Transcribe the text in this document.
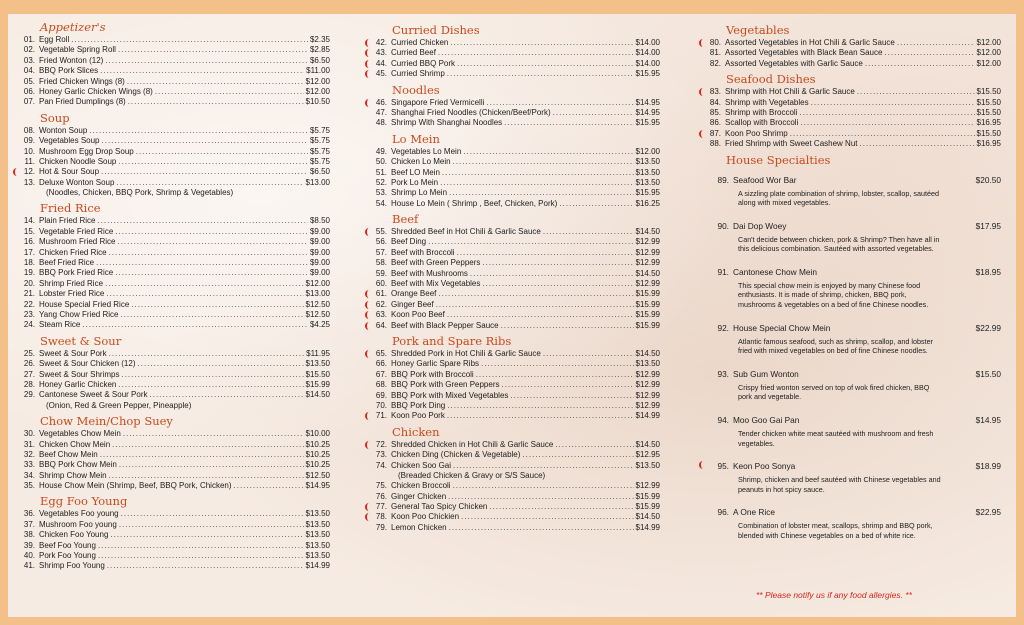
Appetizer's
01. Egg Roll .....	$2.35
02. Vegetable Spring Roll .....	$2.85
03. Fried Wonton (12) .....	$6.50
04. BBQ Pork Slices .....	$11.00
05. Fried Chicken Wings (8) .....	$12.00
06. Honey Garlic Chicken Wings (8) .....	$12.00
07. Pan Fried Dumplings (8) .....	$10.50
Soup
08. Wonton Soup .....	$5.75
09. Vegetables Soup .....	$5.75
10. Mushroom Egg Drop Soup .....	$5.75
11. Chicken Noodle Soup .....	$5.75
12. Hot & Sour Soup .....	$6.50
13. Deluxe Wonton Soup .....	$13.00
(Noodles, Chicken, BBQ Pork, Shrimp & Vegetables)
Fried Rice
14. Plain Fried Rice .....	$8.50
15. Vegetable Fried Rice .....	$9.00
16. Mushroom Fried Rice .....	$9.00
17. Chicken Fried Rice .....	$9.00
18. Beef Fried Rice .....	$9.00
19. BBQ Pork Fried Rice .....	$9.00
20. Shrimp Fried Rice .....	$12.00
21. Lobster Fried Rice .....	$13.00
22. House Special Fried Rice .....	$12.50
23. Yang Chow Fried Rice .....	$12.50
24. Steam Rice .....	$4.25
Sweet & Sour
25. Sweet & Sour Pork .....	$11.95
26. Sweet & Sour Chicken (12) .....	$13.50
27. Sweet & Sour Shrimps .....	$15.50
28. Honey Garlic Chicken .....	$15.99
29. Cantonese Sweet & Sour Pork .....	$14.50
(Onion, Red & Green Pepper, Pineapple)
Chow Mein/Chop Suey
30. Vegetables Chow Mein .....	$10.00
31. Chicken Chow Mein .....	$10.25
32. Beef Chow Mein .....	$10.25
33. BBQ Pork Chow Mein .....	$10.25
34. Shrimp Chow Mein .....	$12.50
35. House Chow Mein (Shrimp, Beef, BBQ Pork, Chicken) .....	$14.95
Egg Foo Young
36. Vegetables Foo young .....	$13.50
37. Mushroom Foo young .....	$13.50
38. Chicken Foo Young .....	$13.50
39. Beef Foo Young .....	$13.50
40. Pork Foo Young .....	$13.50
41. Shrimp Foo Young .....	$14.99
Curried Dishes
42. Curried Chicken .....	$14.00
43. Curried Beef .....	$14.00
44. Curried BBQ Pork .....	$14.00
45. Curried Shrimp .....	$15.95
Noodles
46. Singapore Fried Vermicelli .....	$14.95
47. Shanghai Fried Noodles (Chicken/Beef/Pork) .....	$14.95
48. Shrimp With Shanghai Noodles .....	$15.95
Lo Mein
49. Vegetables Lo Mein .....	$12.00
50. Chicken Lo Mein .....	$13.50
51. Beef LO Mein .....	$13.50
52. Pork Lo Mein .....	$13.50
53. Shrimp Lo Mein .....	$15.95
54. House Lo Mein ( Shrimp , Beef, Chicken, Pork) .....	$16.25
Beef
55. Shredded Beef in Hot Chili & Garlic Sauce .....	$14.50
56. Beef Ding .....	$12.99
57. Beef with Broccoli .....	$12.99
58. Beef with Green Peppers .....	$12.99
59. Beef with Mushrooms .....	$14.50
60. Beef with Mix Vegetables .....	$12.99
61. Orange Beef .....	$15.99
62. Ginger Beef .....	$15.99
63. Koon Poo Beef .....	$15.99
64. Beef with Black Pepper Sauce .....	$15.99
Pork and Spare Ribs
65. Shredded Pork in Hot Chili & Garlic Sauce .....	$14.50
66. Honey Garlic Spare Ribs .....	$13.50
67. BBQ Pork with Broccoli .....	$12.99
68. BBQ Pork with Green Peppers .....	$12.99
69. BBQ Pork with Mixed Vegetables .....	$12.99
70. BBQ Pork Ding .....	$12.99
71. Koon Poo Pork .....	$14.99
Chicken
72. Shredded Chicken in Hot Chili & Garlic Sauce .....	$14.50
73. Chicken Ding (Chicken & Vegetable) .....	$12.95
74. Chicken Soo Gai .....	$13.50
(Breaded Chicken & Gravy or S/S Sauce)
75. Chicken Broccoli .....	$12.99
76. Ginger Chicken .....	$15.99
77. General Tao Spicy Chicken .....	$15.99
78. Koon Poo Chickien .....	$14.50
79. Lemon Chicken .....	$14.99
Vegetables
80. Assorted Vegetables in Hot Chili & Garlic Sauce .....	$12.00
81. Assorted Vegetables with Black Bean Sauce .....	$12.00
82. Assorted Vegetables with Garlic Sauce .....	$12.00
Seafood Dishes
83. Shrimp with Hot Chili & Garlic Sauce .....	$15.50
84. Shrimp with Vegetables .....	$15.50
85. Shrimp with Broccoli .....	$15.50
86. Scallop with Broccoli .....	$16.95
87. Koon Poo Shrimp .....	$15.50
88. Fried Shrimp with Sweet Cashew Nut .....	$16.95
House Specialties
89. Seafood Wor Bar	$20.50
A sizzling plate combination of shrimp, lobster, scallop, sautéed along with mixed vegetables.
90. Dai Dop Woey	$17.95
Can't decide between chicken, pork & Shrimp? Then have all in this delicious combination. Sautéed with assorted vegetables.
91. Cantonese Chow Mein	$18.95
This special chow mein is enjoyed by many Chinese food enthusiasts. It is made of shrimp, chicken, BBQ pork, mushrooms & vegetables on a bed of fine Chinese noodles.
92. House Special Chow Mein	$22.99
Atlantic famous seafood, such as shrimp, scallop, and lobster fried with mixed vegetables on bed of fine Chinese noodles.
93. Sub Gum Wonton	$15.50
Crispy fried wonton served on top of wok fired chicken, BBQ pork and vegetable.
94. Moo Goo Gai Pan	$14.95
Tender chicken white meat sautéed with mushroom and fresh vegetables.
95. Keon Poo Sonya	$18.99
Shrimp, chicken and beef sautéed with Chinese vegetables and peanuts in hot spicy sauce.
96. A One Rice	$22.95
Combination of lobster meat, scallops, shrimp and BBQ pork, blended with Chinese vegetables on a bed of white rice.
** Please notify us if any food allergies. **
